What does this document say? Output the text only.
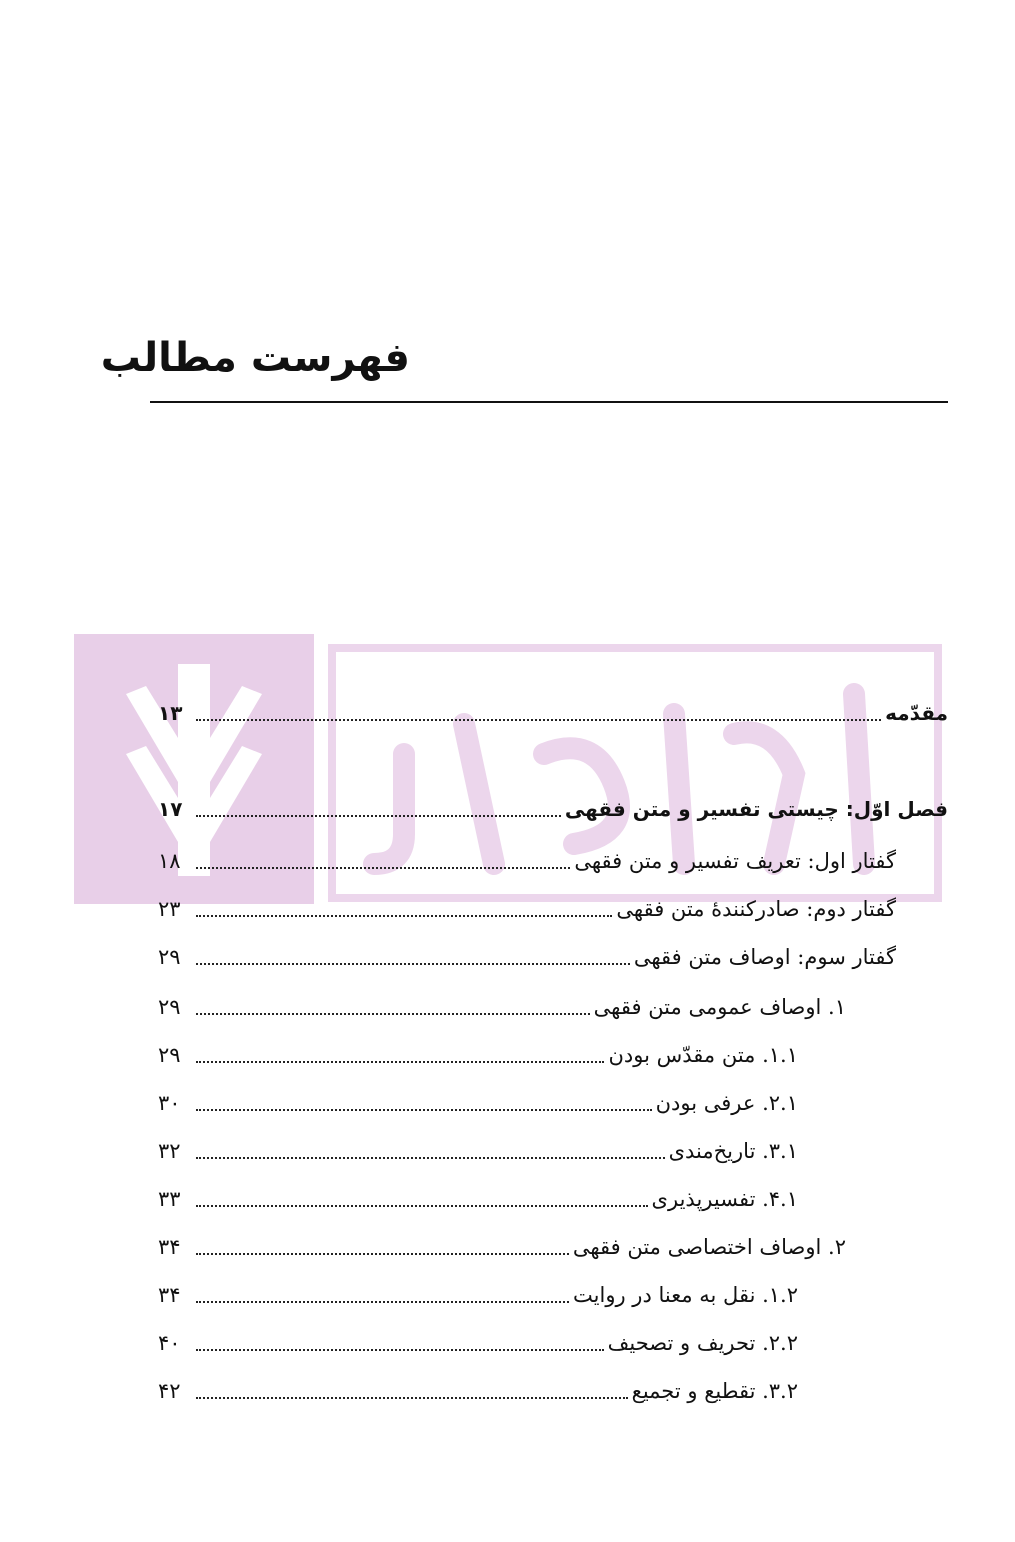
فهرست مطالب
مقدّمه
۱۳
فصل اوّل: چیستی تفسیر و متن فقهی
۱۷
گفتار اول: تعریف تفسیر و متن فقهی
۱۸
گفتار دوم: صادرکنندۀ متن فقهی
۲۳
گفتار سوم: اوصاف متن فقهی
۲۹
۱. اوصاف عمومی متن فقهی
۲۹
۱.۱. متن مقدّس بودن
۲۹
۲.۱. عرفی بودن
۳۰
۳.۱. تاریخ‌مندی
۳۲
۴.۱. تفسیرپذیری
۳۳
۲. اوصاف اختصاصی متن فقهی
۳۴
۱.۲. نقل به معنا در روایت
۳۴
۲.۲. تحریف و تصحیف
۴۰
۳.۲. تقطیع و تجمیع
۴۲
